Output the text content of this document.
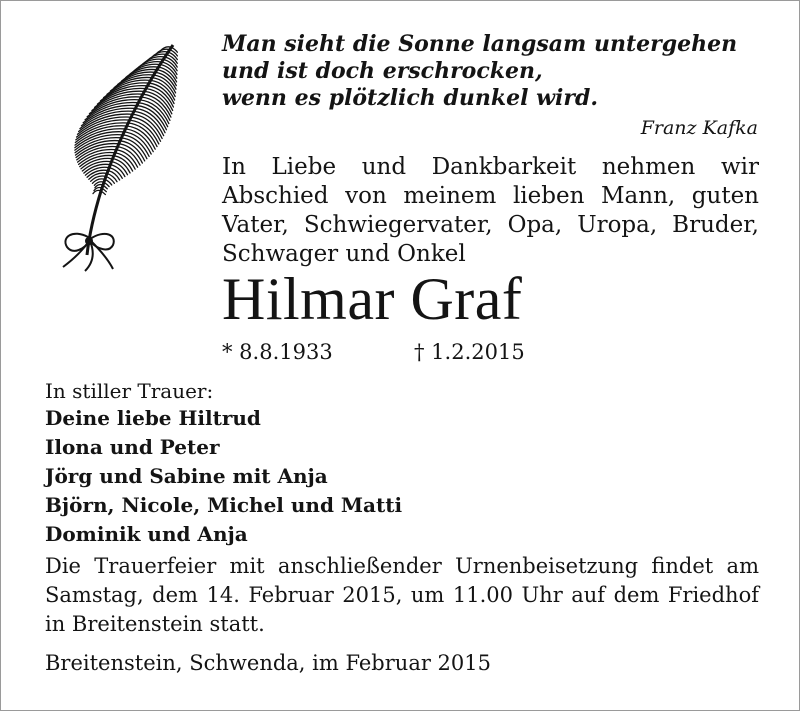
Man sieht die Sonne langsam untergehen
und ist doch erschrocken,
wenn es plötzlich dunkel wird.
Franz Kafka

In Liebe und Dankbarkeit nehmen wir Abschied von meinem lieben Mann, guten Vater, Schwiegervater, Opa, Uropa, Bruder, Schwager und Onkel

Hilmar Graf
* 8.8.1933	† 1.2.2015
In stiller Trauer:
Deine liebe Hiltrud
Ilona und Peter
Jörg und Sabine mit Anja
Björn, Nicole, Michel und Matti
Dominik und Anja

Die Trauerfeier mit anschließender Urnenbeisetzung findet am Samstag, dem 14. Februar 2015, um 11.00 Uhr auf dem Friedhof in Breitenstein statt.

Breitenstein, Schwenda, im Februar 2015
